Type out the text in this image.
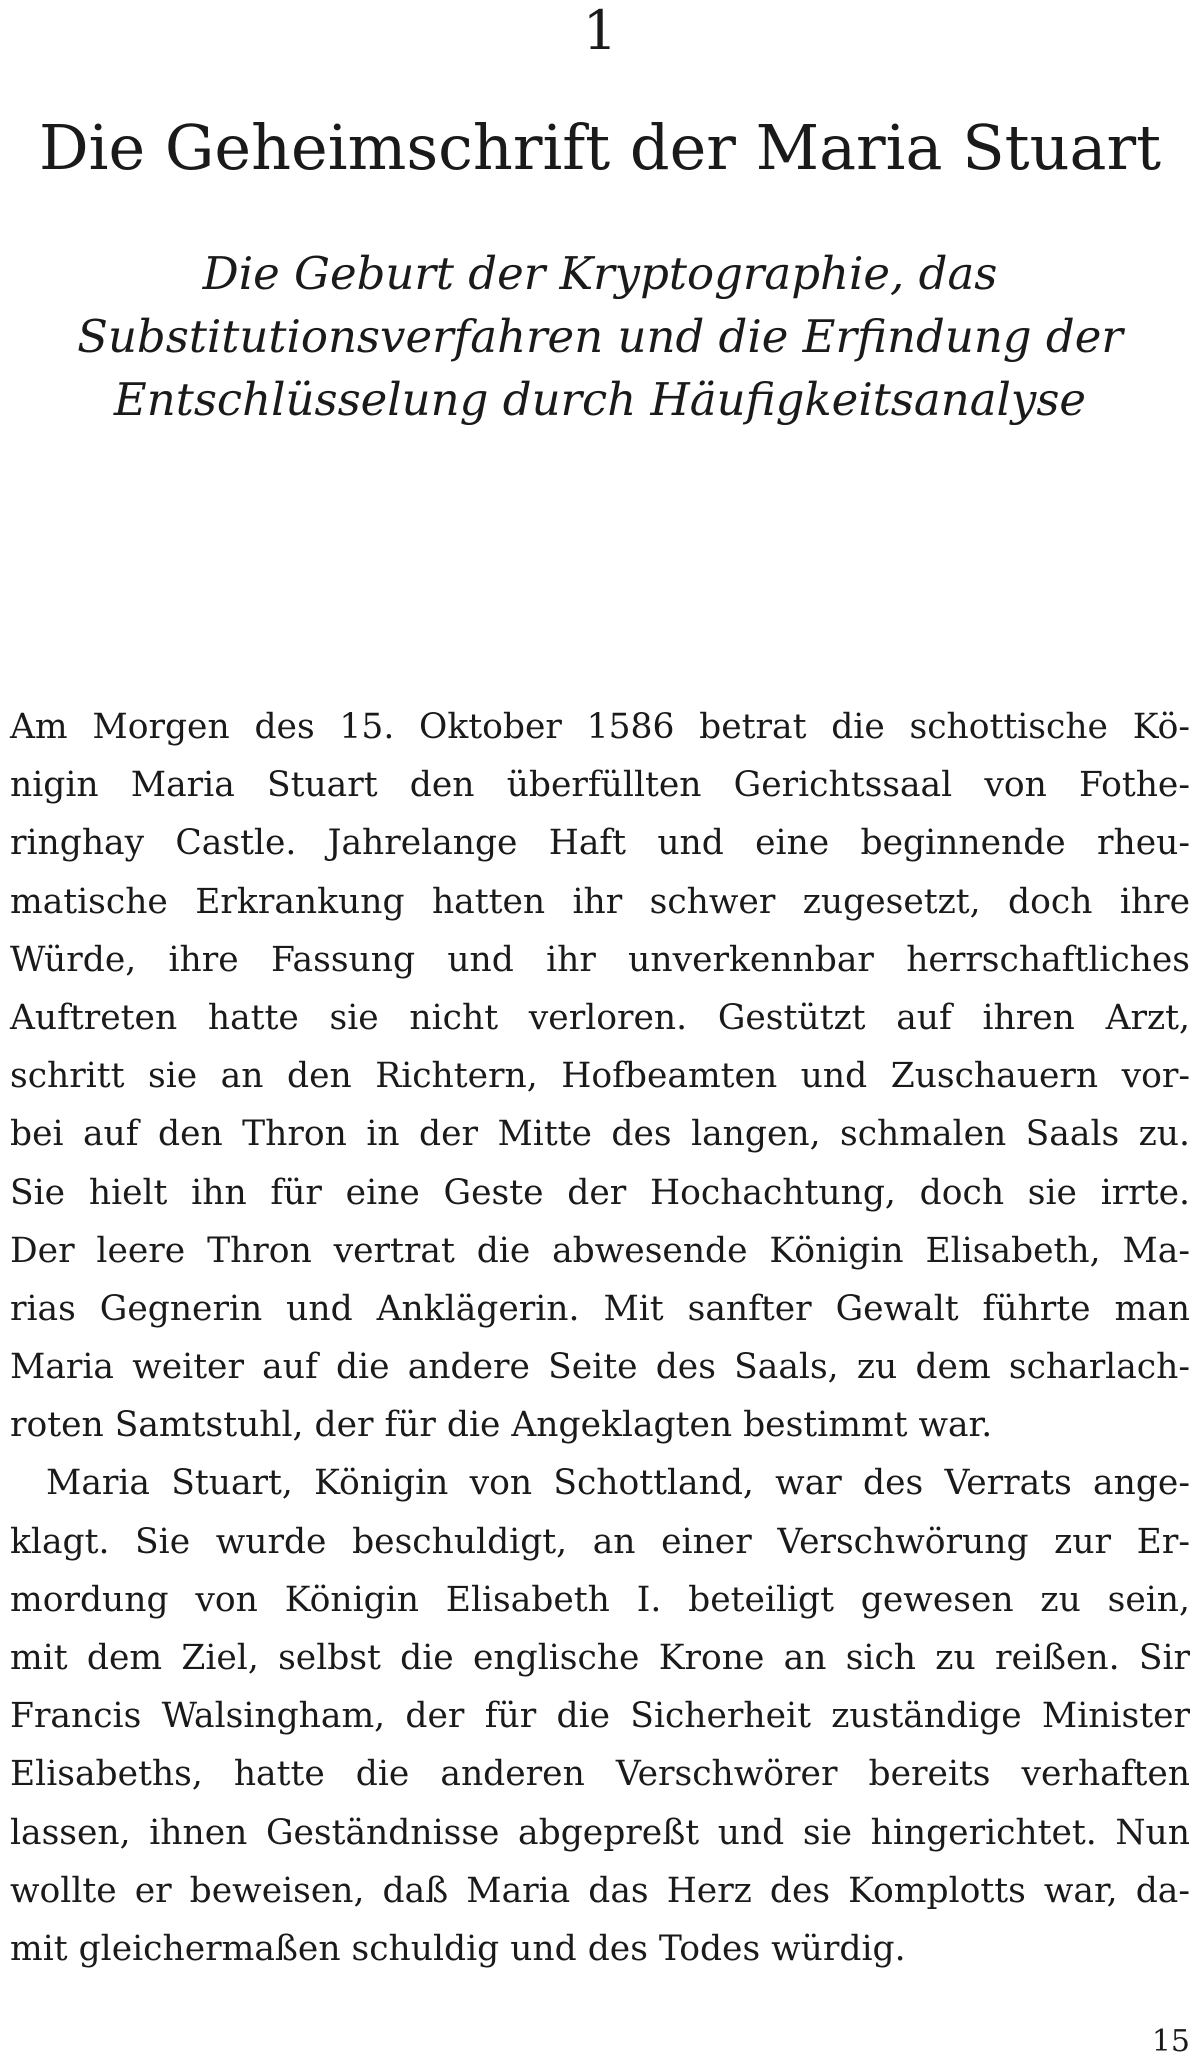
1
Die Geheimschrift der Maria Stuart
Die Geburt der Kryptographie, das
Substitutionsverfahren und die Erfindung der
Entschlüsselung durch Häufigkeitsanalyse
Am Morgen des 15. Oktober 1586 betrat die schottische Kö-
nigin Maria Stuart den überfüllten Gerichtssaal von Fothe-
ringhay Castle. Jahrelange Haft und eine beginnende rheu-
matische Erkrankung hatten ihr schwer zugesetzt, doch ihre
Würde, ihre Fassung und ihr unverkennbar herrschaftliches
Auftreten hatte sie nicht verloren. Gestützt auf ihren Arzt,
schritt sie an den Richtern, Hofbeamten und Zuschauern vor-
bei auf den Thron in der Mitte des langen, schmalen Saals zu.
Sie hielt ihn für eine Geste der Hochachtung, doch sie irrte.
Der leere Thron vertrat die abwesende Königin Elisabeth, Ma-
rias Gegnerin und Anklägerin. Mit sanfter Gewalt führte man
Maria weiter auf die andere Seite des Saals, zu dem scharlach-
roten Samtstuhl, der für die Angeklagten bestimmt war.
Maria Stuart, Königin von Schottland, war des Verrats ange-
klagt. Sie wurde beschuldigt, an einer Verschwörung zur Er-
mordung von Königin Elisabeth I. beteiligt gewesen zu sein,
mit dem Ziel, selbst die englische Krone an sich zu reißen. Sir
Francis Walsingham, der für die Sicherheit zuständige Minister
Elisabeths, hatte die anderen Verschwörer bereits verhaften
lassen, ihnen Geständnisse abgepreßt und sie hingerichtet. Nun
wollte er beweisen, daß Maria das Herz des Komplotts war, da-
mit gleichermaßen schuldig und des Todes würdig.

15
